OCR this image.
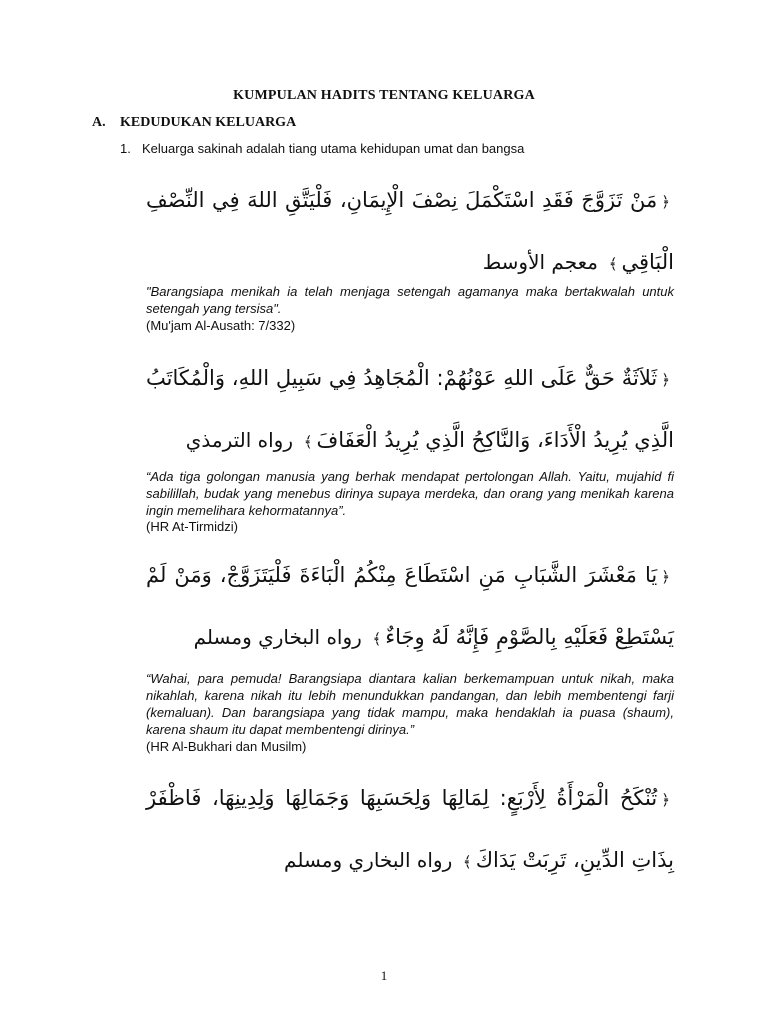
KUMPULAN HADITS TENTANG KELUARGA
A. KEDUDUKAN KELUARGA
1. Keluarga sakinah adalah tiang utama kehidupan umat dan bangsa
﴿مَنْ تَزَوَّجَ فَقَدِ اسْتَكْمَلَ نِصْفَ الْإِيمَانِ، فَلْيَتَّقِ اللهَ فِي النِّصْفِ الْبَاقِي﴾ معجم الأوسط
"Barangsiapa menikah ia telah menjaga setengah agamanya maka bertakwalah untuk setengah yang tersisa".
(Mu'jam Al-Ausath: 7/332)
﴿ثَلاَثَةٌ حَقٌّ عَلَى اللهِ عَوْنُهُمْ: الْمُجَاهِدُ فِي سَبِيلِ اللهِ، وَالْمُكَاتَبُ الَّذِي يُرِيدُ الْأَدَاءَ، وَالنَّاكِحُ الَّذِي يُرِيدُ الْعَفَافَ﴾ رواه الترمذي
“Ada tiga golongan manusia yang berhak mendapat pertolongan Allah. Yaitu, mujahid fi sabilillah, budak yang menebus dirinya supaya merdeka, dan orang yang menikah karena ingin memelihara kehormatannya”.
(HR At-Tirmidzi)
﴿يَا مَعْشَرَ الشَّبَابِ مَنِ اسْتَطَاعَ مِنْكُمُ الْبَاءَةَ فَلْيَتَزَوَّجْ، وَمَنْ لَمْ يَسْتَطِعْ فَعَلَيْهِ بِالصَّوْمِ فَإِنَّهُ لَهُ وِجَاءٌ﴾ رواه البخاري ومسلم
“Wahai, para pemuda! Barangsiapa diantara kalian berkemampuan untuk nikah, maka nikahlah, karena nikah itu lebih menundukkan pandangan, dan lebih membentengi farji (kemaluan). Dan barangsiapa yang tidak mampu, maka hendaklah ia puasa (shaum), karena shaum itu dapat membentengi dirinya.”
(HR Al-Bukhari dan Musilm)
﴿تُنْكَحُ الْمَرْأَةُ لِأَرْبَعٍ: لِمَالِهَا وَلِحَسَبِهَا وَجَمَالِهَا وَلِدِينِهَا، فَاظْفَرْ بِذَاتِ الدِّينِ، تَرِبَتْ يَدَاكَ﴾ رواه البخاري ومسلم
1
